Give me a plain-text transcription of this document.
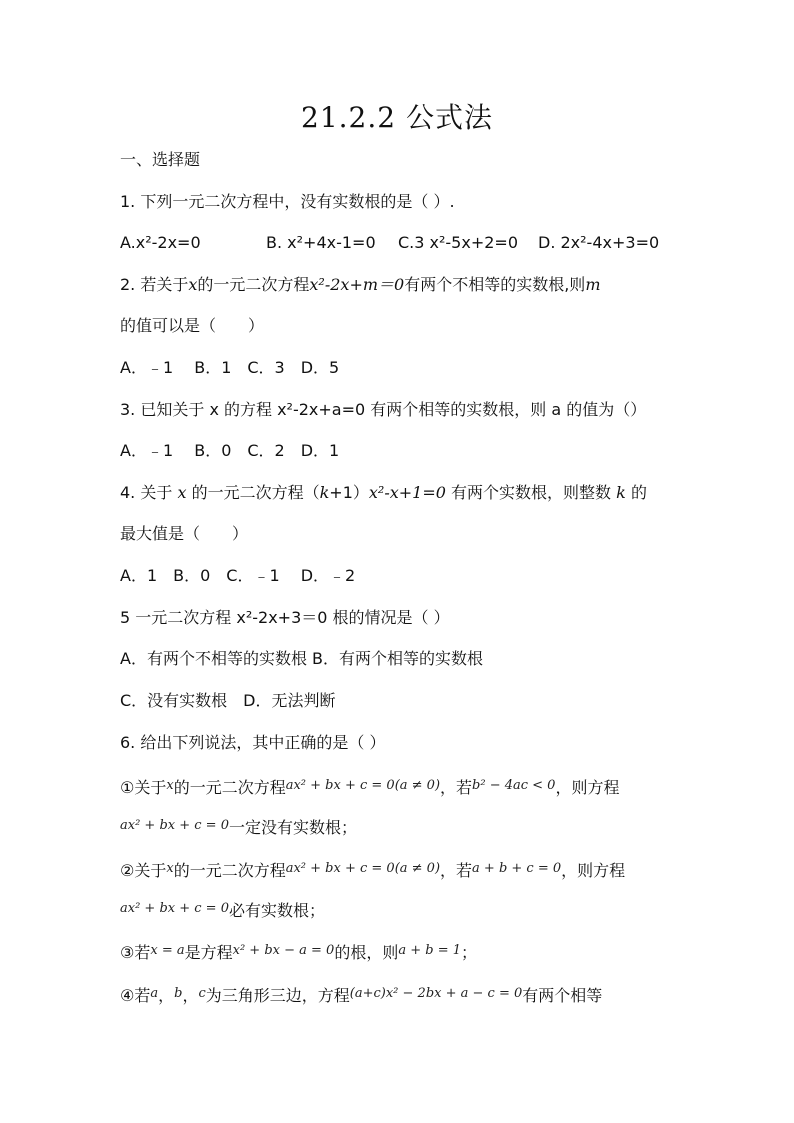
21.2.2 公式法
一、选择题
1. 下列一元二次方程中，没有实数根的是（ ）.
A.x²-2x=0	B. x²+4x-1=0	C.3 x²-5x+2=0	D. 2x²-4x+3=0
2. 若关于x的一元二次方程x²-2x+m＝0有两个不相等的实数根,则m
的值可以是（　　）
A．﹣1　 B．1　C．3　D．5
3. 已知关于 x 的方程 x²-2x+a=0 有两个相等的实数根，则 a 的值为（）
A．﹣1　 B．0　C．2　D．1
4. 关于 x 的一元二次方程（k+1）x²-x+1=0 有两个实数根，则整数 k 的
最大值是（　　）
A．1　B．0　C．﹣1　 D．﹣2
5 一元二次方程 x²-2x+3＝0 根的情况是（ ）
A．有两个不相等的实数根 B．有两个相等的实数根
C．没有实数根　D．无法判断
6. 给出下列说法，其中正确的是（ ）
①关于$^x$的一元二次方程$^{ax^2 + bx + c = 0(a \ne 0)}$，若$^{b^2 - 4ac < 0}$，则方程
$^{ax^2 + bx + c = 0}$一定没有实数根；
②关于$^x$的一元二次方程$^{ax^2 + bx + c = 0(a \ne 0)}$，若$^{a + b + c = 0}$，则方程
$^{ax^2 + bx + c = 0}$必有实数根；
③若$^{x = a}$是方程$^{x^2 + bx - a = 0}$的根，则$^{a + b = 1}$；
④若$^a$，$^b$，$^c$为三角形三边，方程$^{(a+c)x^2 - 2bx + a - c = 0}$有两个相等
